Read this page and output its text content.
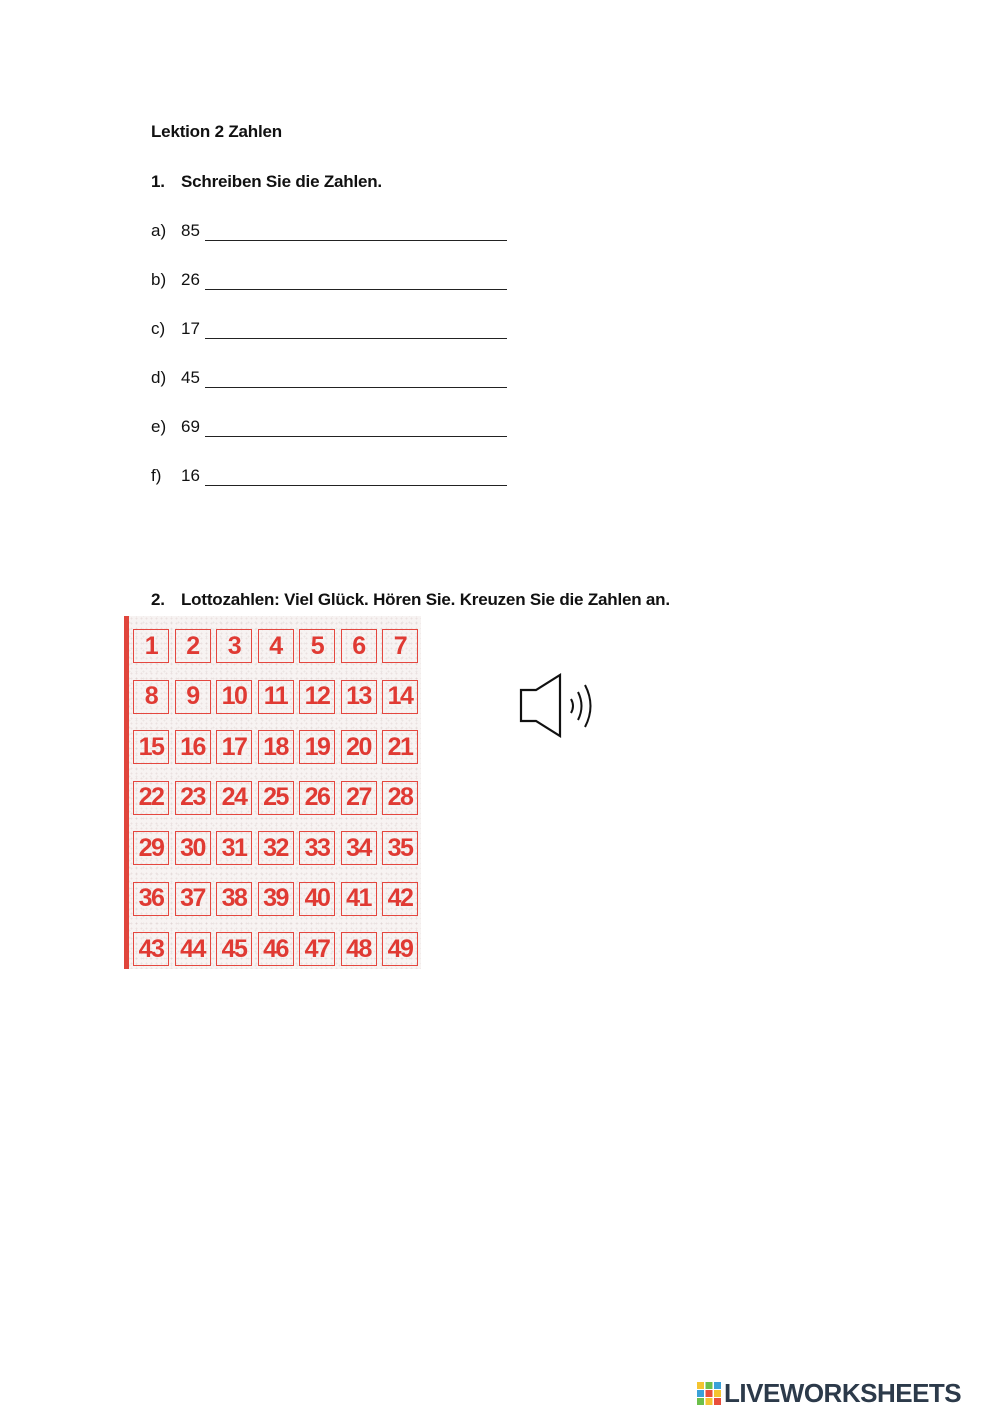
Lektion 2 Zahlen
1. Schreiben Sie die Zahlen.
a) 85
b) 26
c) 17
d) 45
e) 69
f)	16
2. Lottozahlen: Viel Glück. Hören Sie. Kreuzen Sie die Zahlen an.
1	2	3	4	5	6	7
8	9 10 11 12 13 14
15 16 17 18 19 20 21
22 23 24 25 26 27 28
29 30 31 32 33 34 35
36 37 38 39 40 41 42
43 44 45 46 47 48 49
LIVEWORKSHEETS
